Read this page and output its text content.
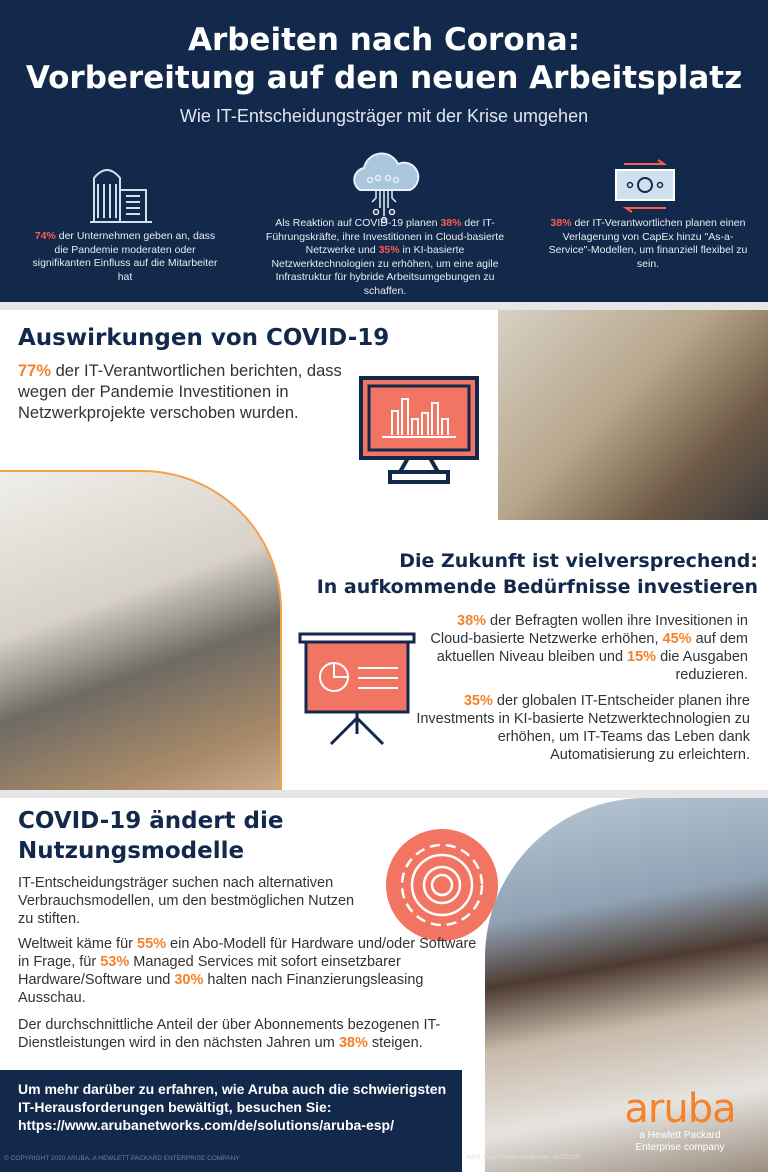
Arbeiten nach Corona:
Vorbereitung auf den neuen Arbeitsplatz
Wie IT-Entscheidungsträger mit der Krise umgehen

74% der Unternehmen geben an, dass die Pandemie moderaten oder signifikanten Einfluss auf die Mitarbeiter hat

Als Reaktion auf COVID-19 planen 38% der IT-Führungskräfte, ihre Investitionen in Cloud-basierte Netzwerke und 35% in KI-basierte Netzwerktechnologien zu erhöhen, um eine agile Infrastruktur für hybride Arbeitsumgebungen zu schaffen.

38% der IT-Verantwortlichen planen einen Verlagerung von CapEx hinzu "As-a-Service"-Modellen, um finanziell flexibel zu sein.

Auswirkungen von COVID-19

77% der IT-Verantwortlichen berichten, dass wegen der Pandemie Investitionen in Netzwerkprojekte verschoben wurden.

Die Zukunft ist vielversprechend:
In aufkommende Bedürfnisse investieren

38% der Befragten wollen ihre Invesitionen in Cloud-basierte Netzwerke erhöhen, 45% auf dem aktuellen Niveau bleiben und 15% die Ausgaben reduzieren.

35% der globalen IT-Entscheider planen ihre Investments in KI-basierte Netzwerktechnologien zu erhöhen, um IT-Teams das Leben dank Automatisierung zu erleichtern.

COVID-19 ändert die Nutzungsmodelle

IT-Entscheidungsträger suchen nach alternativen Verbrauchsmodellen, um den bestmöglichen Nutzen zu stiften.

Weltweit käme für 55% ein Abo-Modell für Hardware und/oder Software in Frage, für 53% Managed Services mit sofort einsetzbarer Hardware/Software und 30% halten nach Finanzierungsleasing Ausschau.

Der durchschnittliche Anteil der über Abonnements bezogenen IT-Dienstleistungen wird in den nächsten Jahren um 38% steigen.

Um mehr darüber zu erfahren, wie Aruba auch die schwierigsten
IT-Herausforderungen bewältigt, besuchen Sie:
https://www.arubanetworks.com/de/solutions/aruba-esp/
© COPYRIGHT 2020 ARUBA, A HEWLETT PACKARD ENTERPRISE COMPANY	INFO_Edge Survey Infographic_08072020
aruba
a Hewlett Packard
Enterprise company
